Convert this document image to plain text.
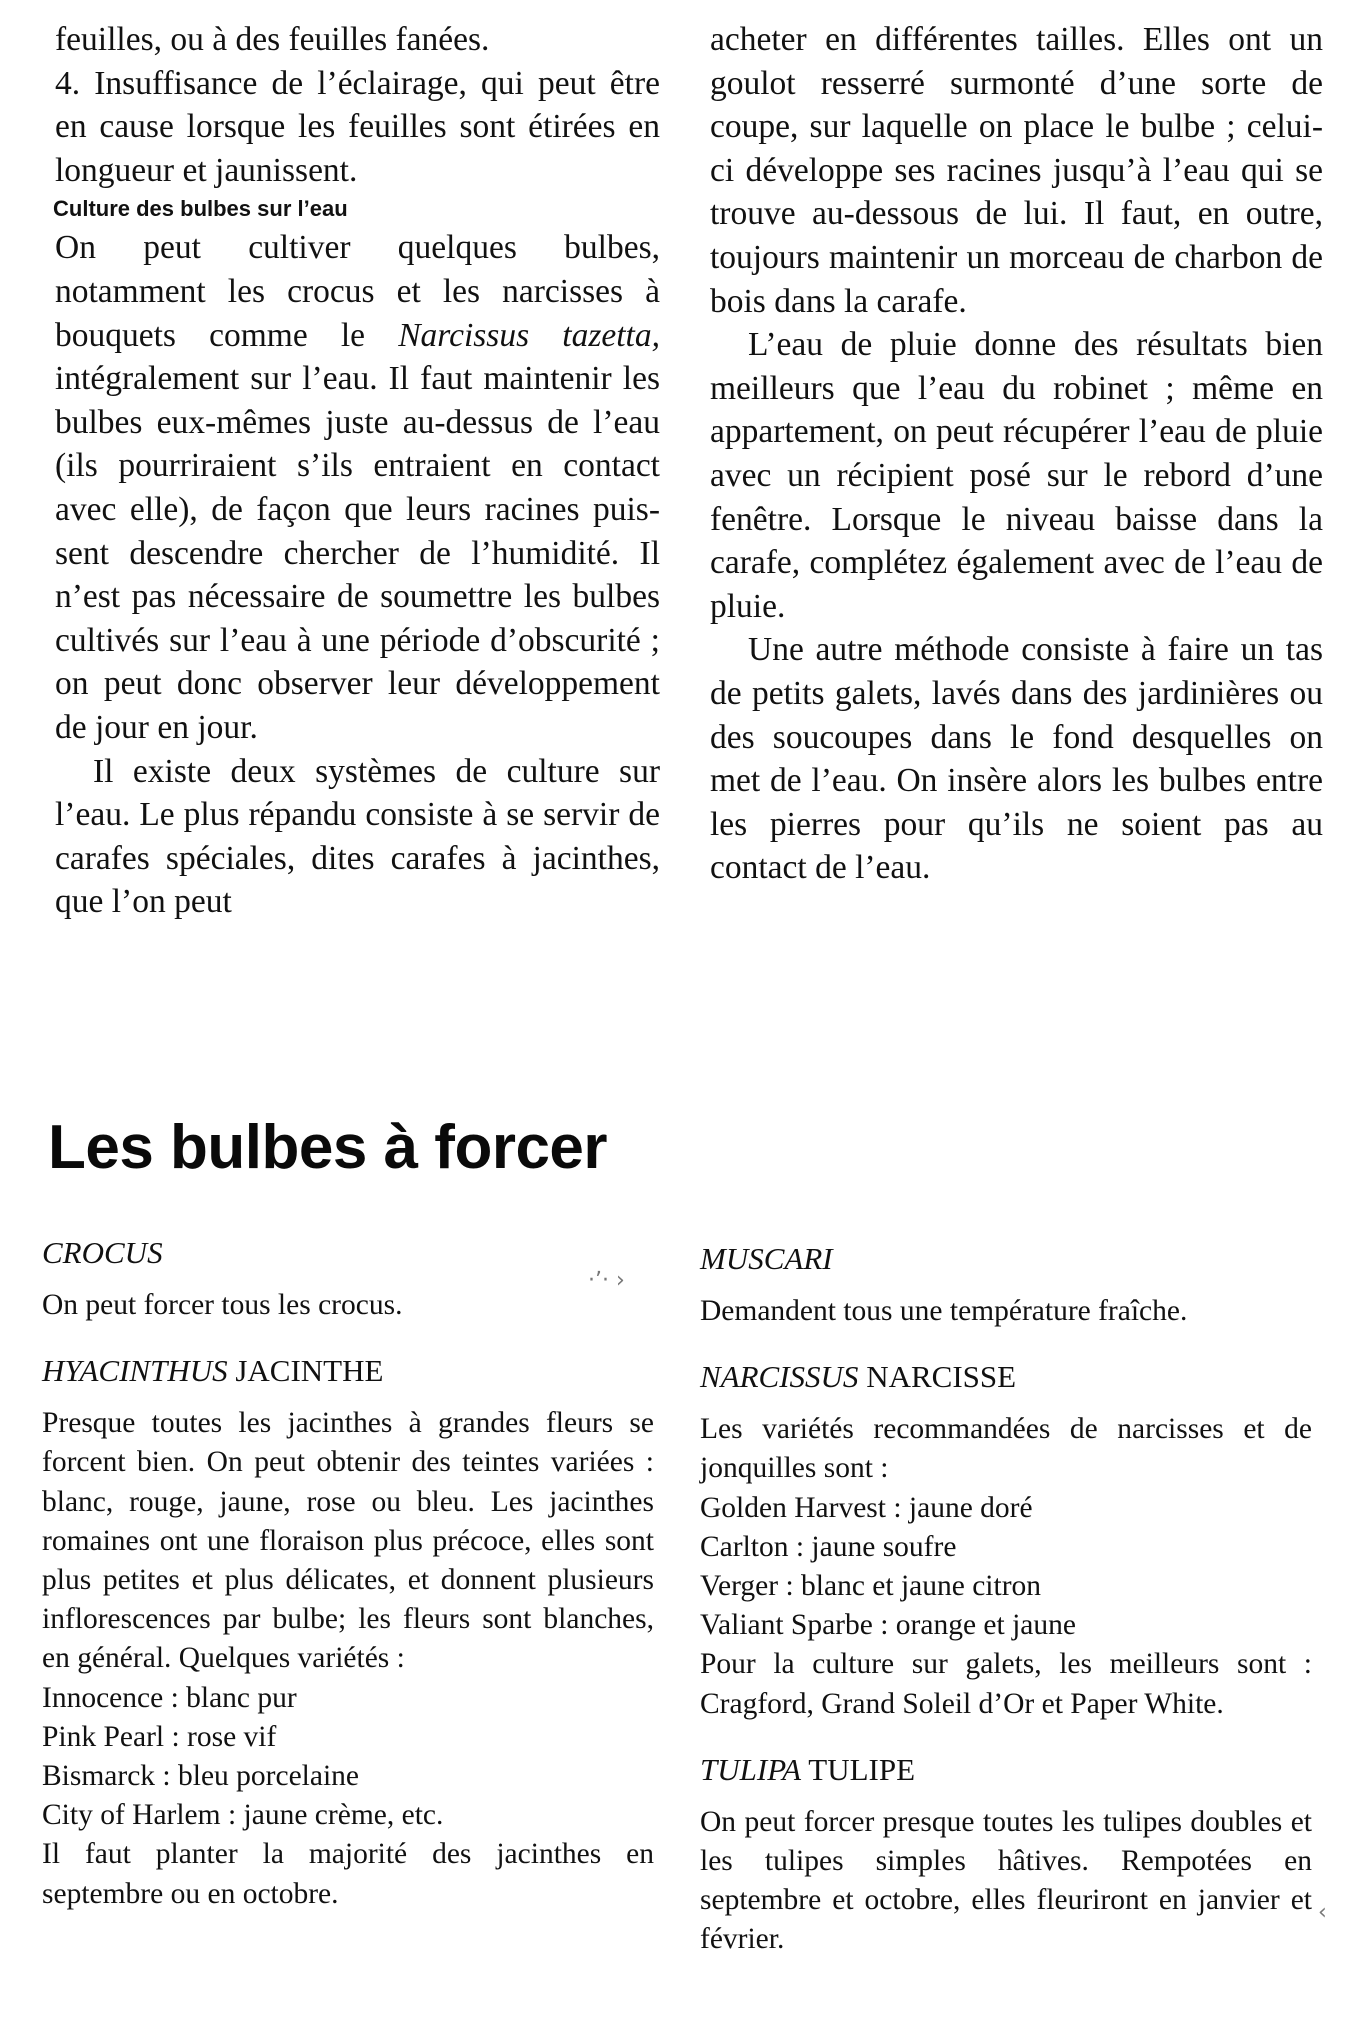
feuilles, ou à des feuilles fanées.

4. Insuffisance de l’éclairage, qui peut être en cause lorsque les feuilles sont étirées en longueur et jaunissent.

Culture des bulbes sur l’eau

On peut cultiver quelques bulbes, notamment les crocus et les narcisses à bouquets comme le Narcissus tazetta, intégralement sur l’eau. Il faut maintenir les bulbes eux-mêmes juste au-dessus de l’eau (ils pourriraient s’ils entraient en contact avec elle), de façon que leurs racines puissent descendre chercher de l’humidité. Il n’est pas nécessaire de soumettre les bulbes cultivés sur l’eau à une période d’obscurité ; on peut donc observer leur développement de jour en jour.

Il existe deux systèmes de culture sur l’eau. Le plus répandu consiste à se servir de carafes spéciales, dites carafes à jacinthes, que l’on peut

acheter en différentes tailles. Elles ont un goulot resserré surmonté d’une sorte de coupe, sur laquelle on place le bulbe ; celui-ci développe ses racines jusqu’à l’eau qui se trouve au-dessous de lui. Il faut, en outre, toujours maintenir un morceau de charbon de bois dans la carafe.

L’eau de pluie donne des résultats bien meilleurs que l’eau du robinet ; même en appartement, on peut récupérer l’eau de pluie avec un récipient posé sur le rebord d’une fenêtre. Lorsque le niveau baisse dans la carafe, complétez également avec de l’eau de pluie.

Une autre méthode consiste à faire un tas de petits galets, lavés dans des jardinières ou des soucoupes dans le fond desquelles on met de l’eau. On insère alors les bulbes entre les pierres pour qu’ils ne soient pas au contact de l’eau.

Les bulbes à forcer
CROCUS

On peut forcer tous les crocus.

HYACINTHUS JACINTHE

Presque toutes les jacinthes à grandes fleurs se forcent bien. On peut obtenir des teintes variées : blanc, rouge, jaune, rose ou bleu. Les jacinthes romaines ont une floraison plus précoce, elles sont plus petites et plus délicates, et donnent plusieurs inflorescences par bulbe; les fleurs sont blanches, en général. Quelques variétés :

Innocence : blanc pur
Pink Pearl : rose vif
Bismarck : bleu porcelaine
City of Harlem : jaune crème, etc.

Il faut planter la majorité des jacinthes en septembre ou en octobre.

MUSCARI

Demandent tous une température fraîche.

NARCISSUS NARCISSE

Les variétés recommandées de narcisses et de jonquilles sont :

Golden Harvest : jaune doré
Carlton : jaune soufre
Verger : blanc et jaune citron
Valiant Sparbe : orange et jaune

Pour la culture sur galets, les meilleurs sont : Cragford, Grand Soleil d’Or et Paper White.

TULIPA TULIPE

On peut forcer presque toutes les tulipes doubles et les tulipes simples hâtives. Rempotées en septembre et octobre, elles fleuriront en janvier et février.

·ʼ· ›
‹
